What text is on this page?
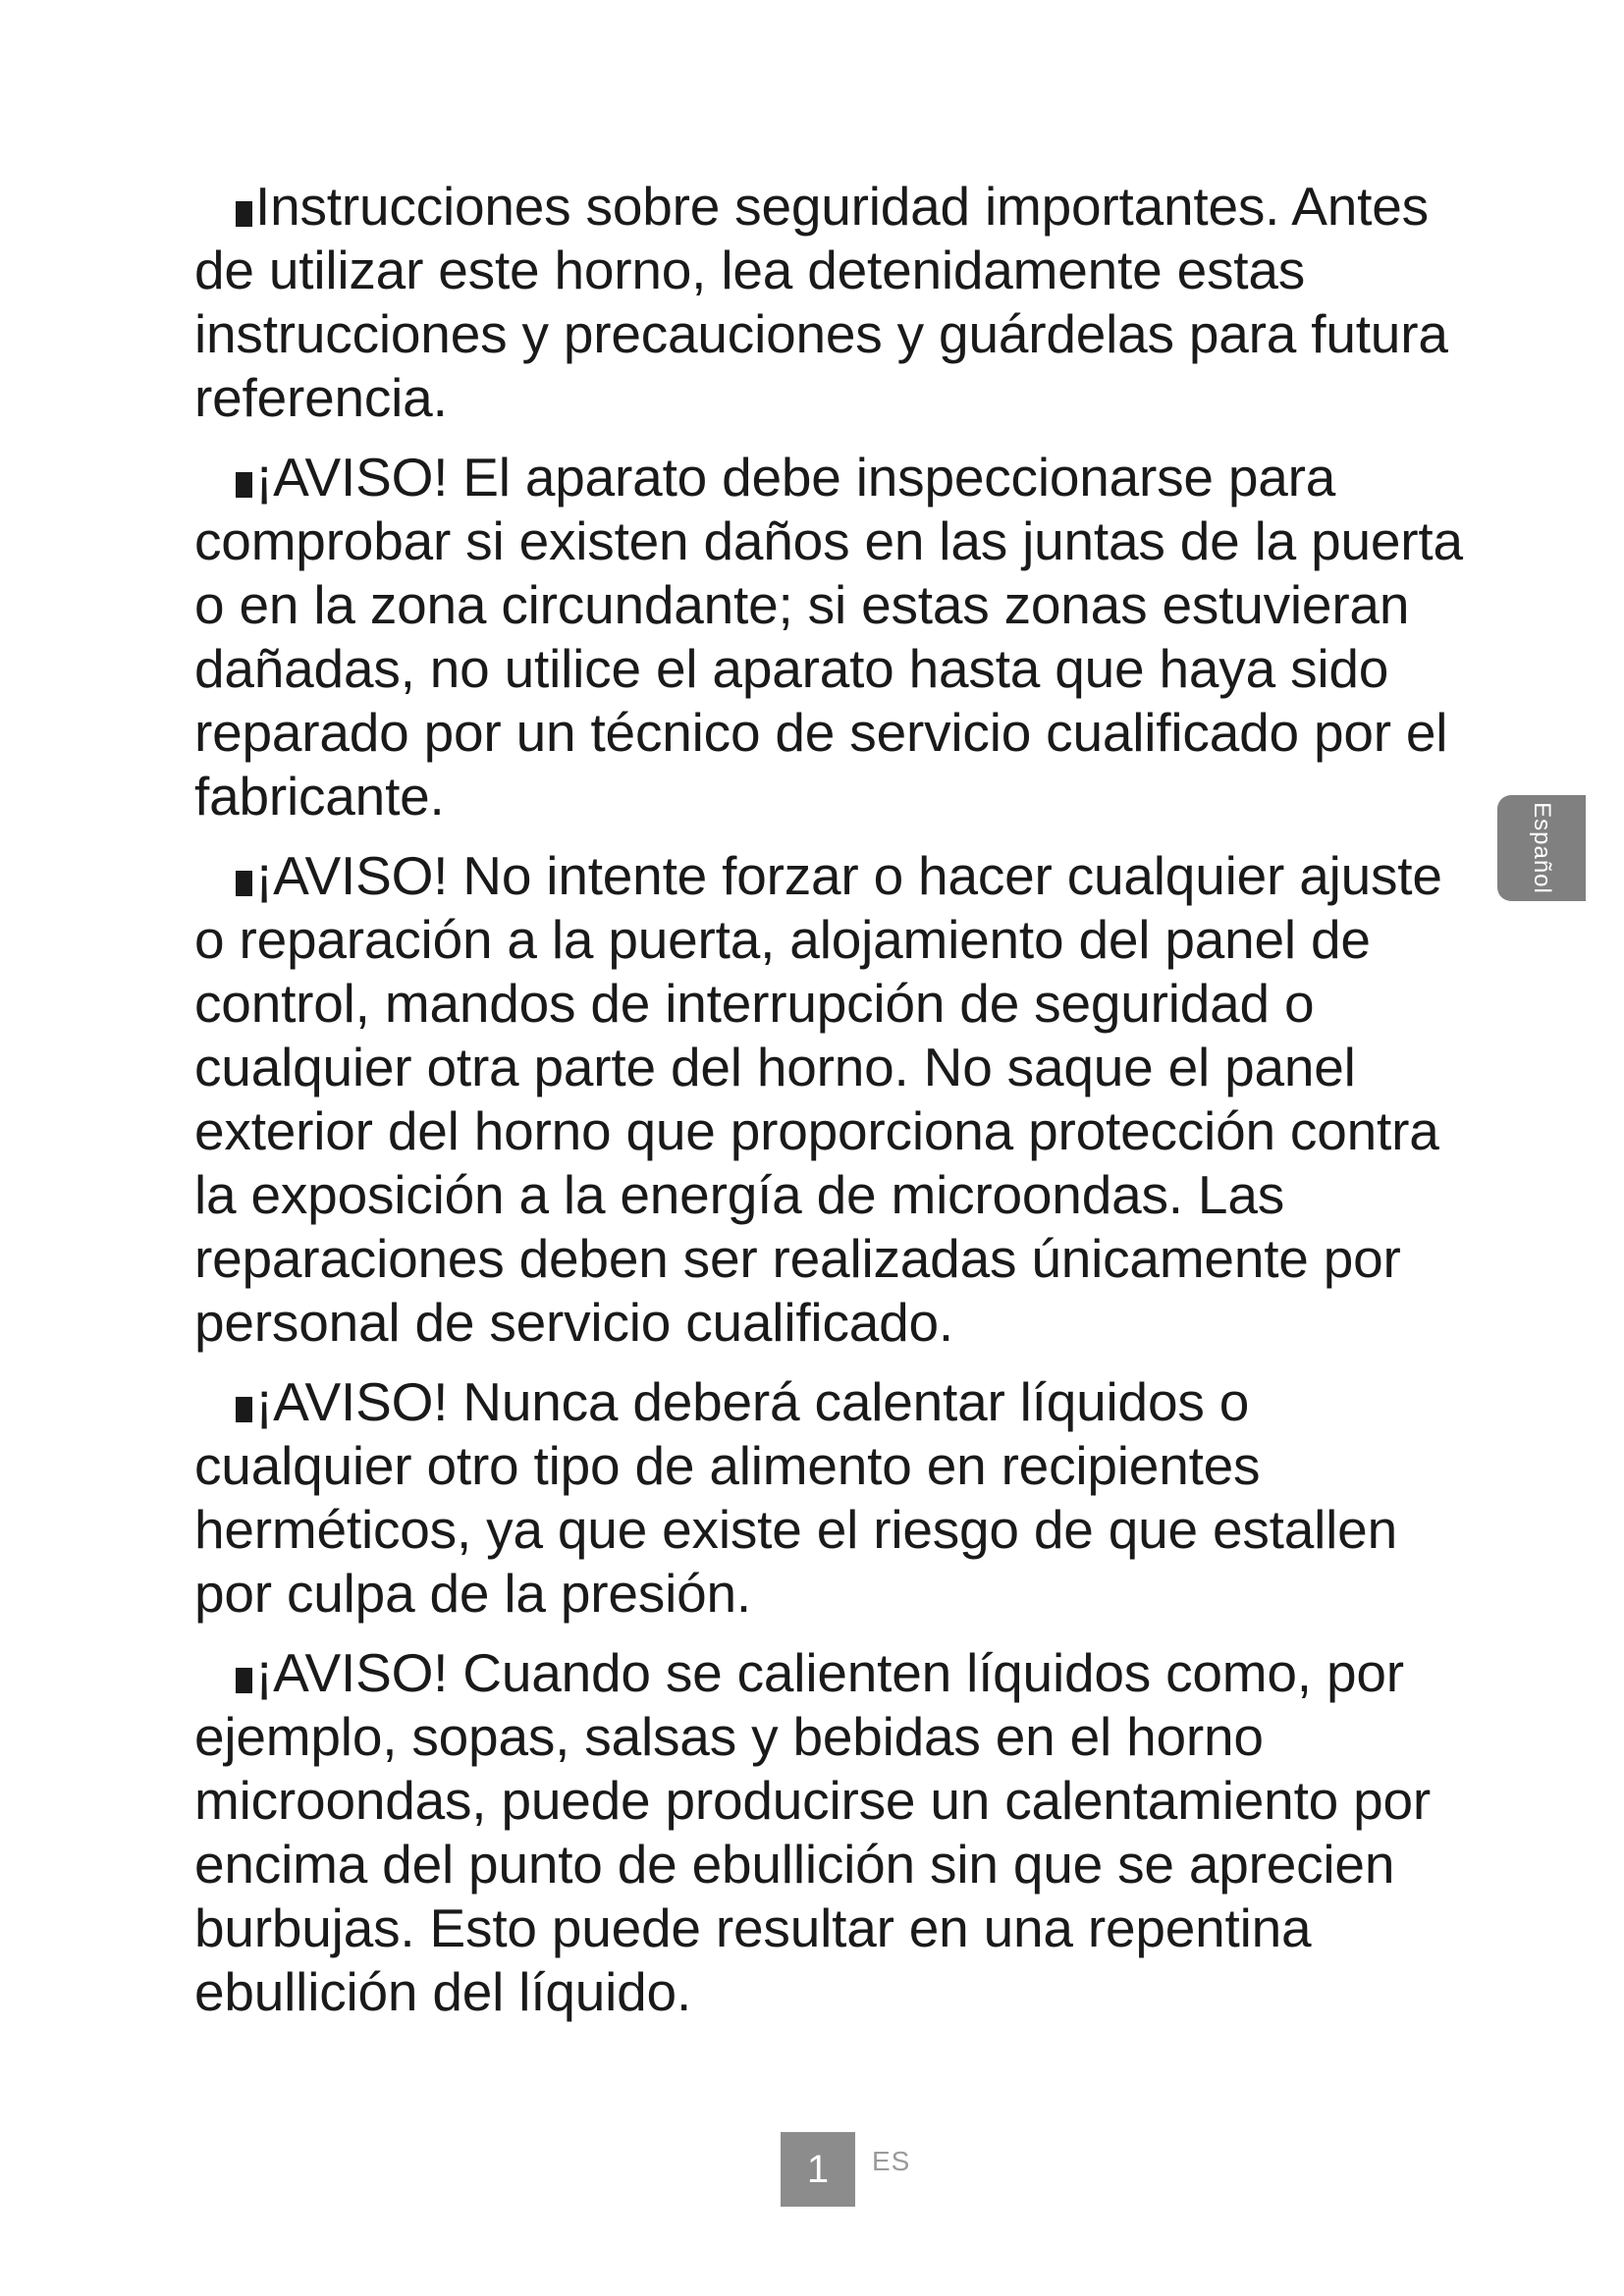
Instrucciones sobre seguridad importantes. Antes de utilizar este horno, lea detenidamente estas instrucciones y precauciones y guárdelas para futura referencia.

¡AVISO! El aparato debe inspeccionarse para comprobar si existen daños en las juntas de la puerta o en la zona circundante; si estas zonas estuvieran dañadas, no utilice el aparato hasta que haya sido reparado por un técnico de servicio cualificado por el fabricante.

¡AVISO! No intente forzar o hacer cualquier ajuste o reparación a la puerta, alojamiento del panel de control, mandos de interrupción de seguridad o cualquier otra parte del horno. No saque el panel exterior del horno que proporciona protección contra la exposición a la energía de microondas. Las reparaciones deben ser realizadas únicamente por personal de servicio cualificado.

¡AVISO! Nunca deberá calentar líquidos o cualquier otro tipo de alimento en recipientes herméticos, ya que existe el riesgo de que estallen por culpa de la presión.

¡AVISO! Cuando se calienten líquidos como, por ejemplo, sopas, salsas y bebidas en el horno microondas, puede producirse un calentamiento por encima del punto de ebullición sin que se aprecien burbujas. Esto puede resultar en una repentina ebullición del líquido.

Español
1 ES
